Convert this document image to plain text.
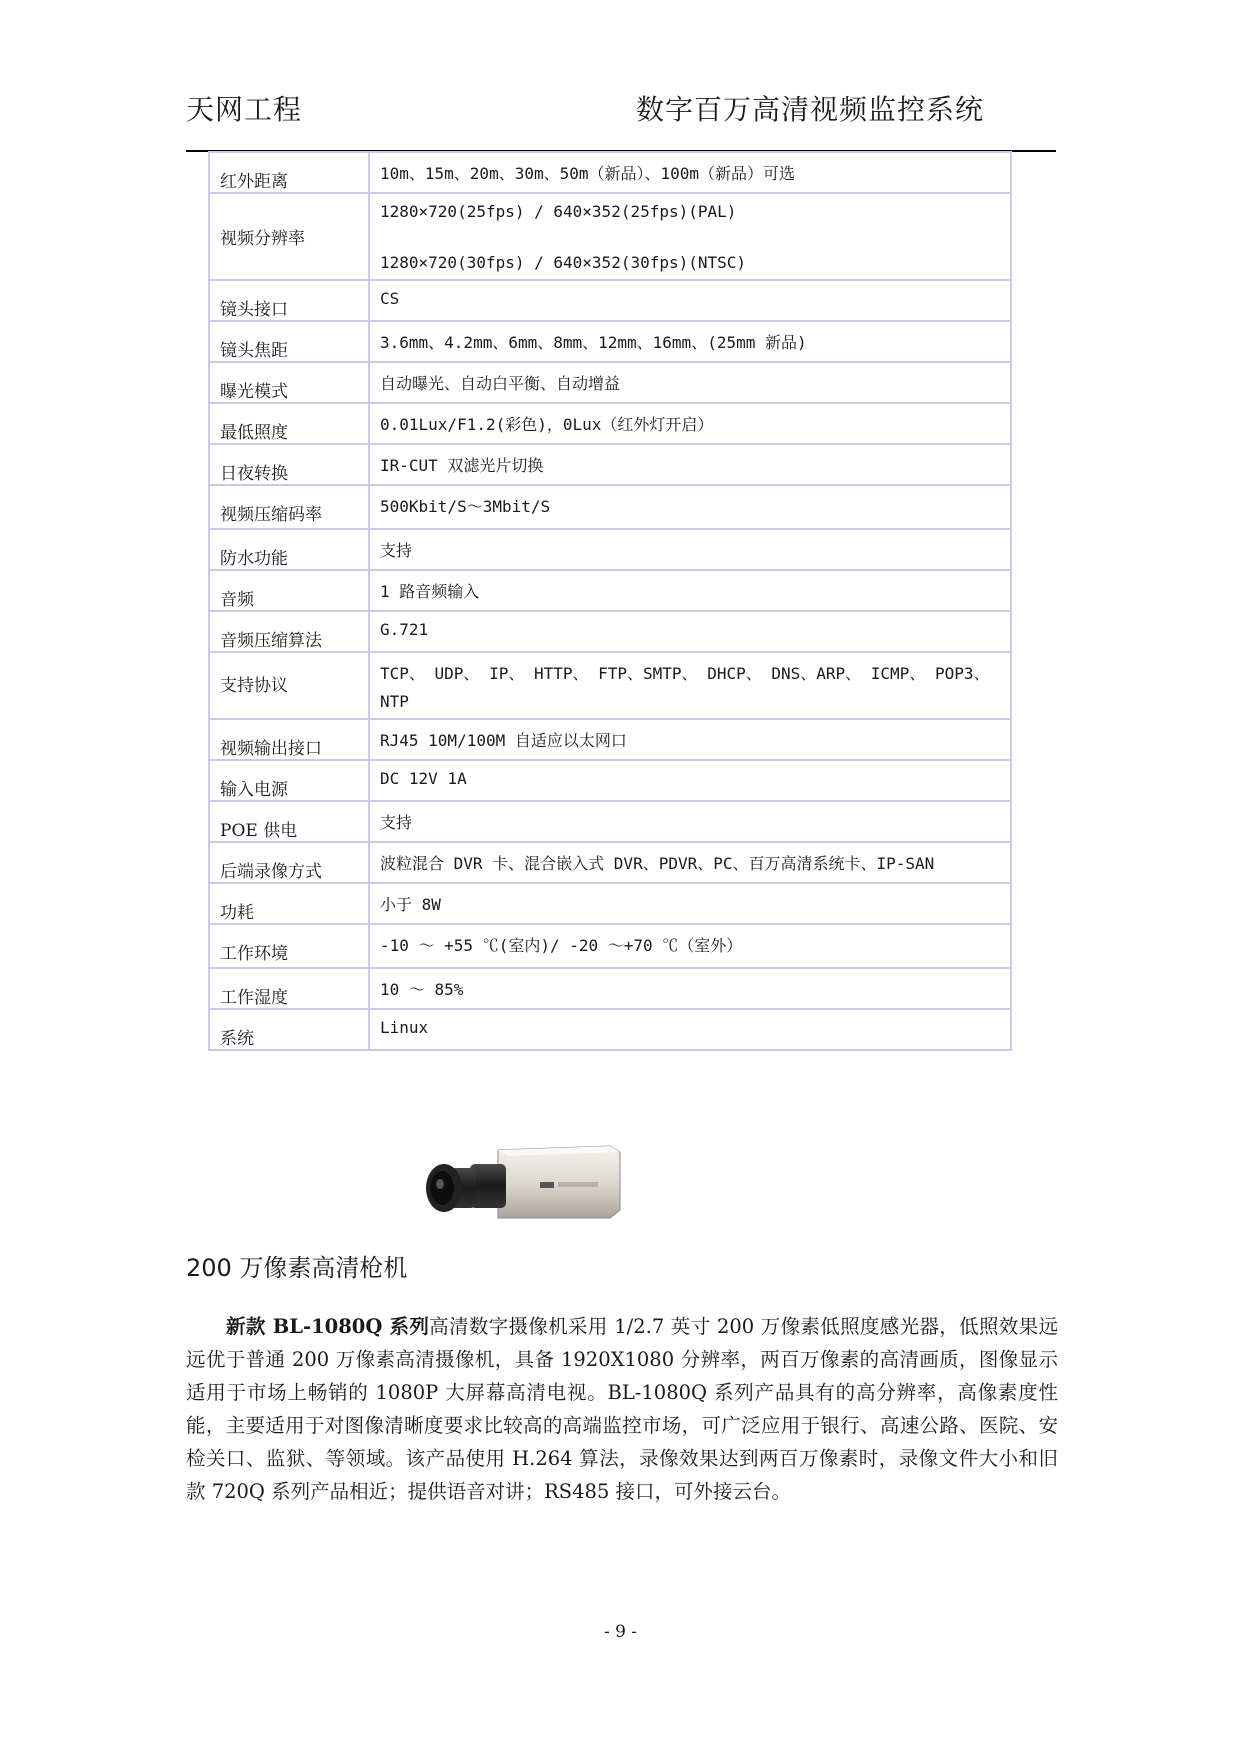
天网工程	数字百万高清视频监控系统
红外距离	10m、15m、20m、30m、50m（新品）、100m（新品）可选

视频分辨率	1280×720(25fps) / 640×352(25fps)(PAL)
1280×720(30fps) / 640×352(30fps)(NTSC)

镜头接口	CS

镜头焦距	3.6mm、4.2mm、6mm、8mm、12mm、16mm、(25mm 新品)

曝光模式	自动曝光、自动白平衡、自动增益

最低照度	0.01Lux/F1.2(彩色)，0Lux（红外灯开启）

日夜转换	IR-CUT 双滤光片切换

视频压缩码率	500Kbit/S～3Mbit/S

防水功能	支持

音频	1 路音频输入

音频压缩算法	G.721

支持协议	TCP、 UDP、 IP、 HTTP、 FTP、SMTP、 DHCP、 DNS、ARP、 ICMP、 POP3、
NTP

视频输出接口	RJ45 10M/100M 自适应以太网口

输入电源	DC 12V 1A

POE 供电	支持

后端录像方式	波粒混合 DVR 卡、混合嵌入式 DVR、PDVR、PC、百万高清系统卡、IP-SAN

功耗	小于 8W

工作环境	-10 ～ +55 ℃(室内)/ -20 ～+70 ℃（室外）

工作湿度	10 ～ 85%

系统	Linux
200 万像素高清枪机
新款 BL-1080Q 系列高清数字摄像机采用 1/2.7 英寸 200 万像素低照度感光器，低照效果远远优于普通 200 万像素高清摄像机，具备 1920X1080 分辨率，两百万像素的高清画质，图像显示适用于市场上畅销的 1080P 大屏幕高清电视。BL-1080Q 系列产品具有的高分辨率，高像素度性能，主要适用于对图像清晰度要求比较高的高端监控市场，可广泛应用于银行、高速公路、医院、安检关口、监狱、等领域。该产品使用 H.264 算法，录像效果达到两百万像素时，录像文件大小和旧款 720Q 系列产品相近；提供语音对讲；RS485 接口，可外接云台。
- 9 -
